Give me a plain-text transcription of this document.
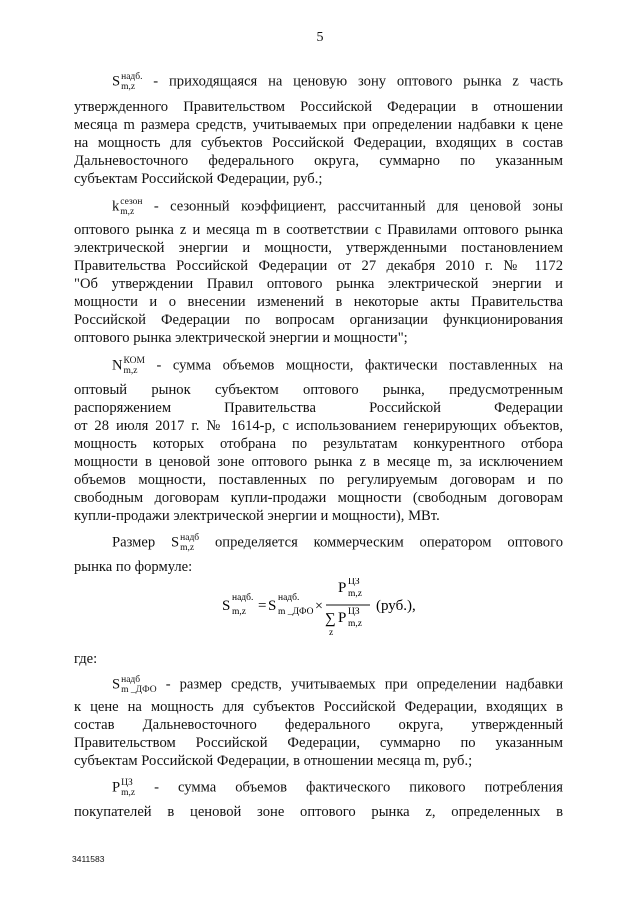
5
S надб.
m,z - приходящаяся на ценовую зону оптового рынка z часть
утвержденного Правительством Российской Федерации в отношении
месяца m размера средств, учитываемых при определении надбавки к цене
на мощность для субъектов Российской Федерации, входящих в состав
Дальневосточного федерального округа, суммарно по указанным
субъектам Российской Федерации, руб.;
k сезон
m,z - сезонный коэффициент, рассчитанный для ценовой зоны
оптового рынка z и месяца m в соответствии с Правилами оптового рынка
электрической энергии и мощности, утвержденными постановлением
Правительства Российской Федерации от 27 декабря 2010 г. № 1172
"Об утверждении Правил оптового рынка электрической энергии и
мощности и о внесении изменений в некоторые акты Правительства
Российской Федерации по вопросам организации функционирования
оптового рынка электрической энергии и мощности";
N КОМ
m,z - сумма объемов мощности, фактически поставленных на
оптовый рынок субъектом оптового рынка, предусмотренным
распоряжением Правительства Российской Федерации
от 28 июля 2017 г. № 1614-р, с использованием генерирующих объектов,
мощность которых отобрана по результатам конкурентного отбора
мощности в ценовой зоне оптового рынка z в месяце m, за исключением
объемов мощности, поставленных по регулируемым договорам и по
свободным договорам купли-продажи мощности (свободным договорам
купли-продажи электрической энергии и мощности), МВт.
Размер S надб
m,z определяется коммерческим оператором оптового
рынка по формуле:
S надб.
m,z = S надб.
m _ДФО ×
P ЦЗ
m,z
∑
z
P ЦЗ
m,z
(руб.),
где:
S надб
m _ДФО - размер средств, учитываемых при определении надбавки
к цене на мощность для субъектов Российской Федерации, входящих в
состав Дальневосточного федерального округа, утвержденный
Правительством Российской Федерации, суммарно по указанным
субъектам Российской Федерации, в отношении месяца m, руб.;
P ЦЗ
m,z - сумма объемов фактического пикового потребления
покупателей в ценовой зоне оптового рынка z, определенных в
3411583
